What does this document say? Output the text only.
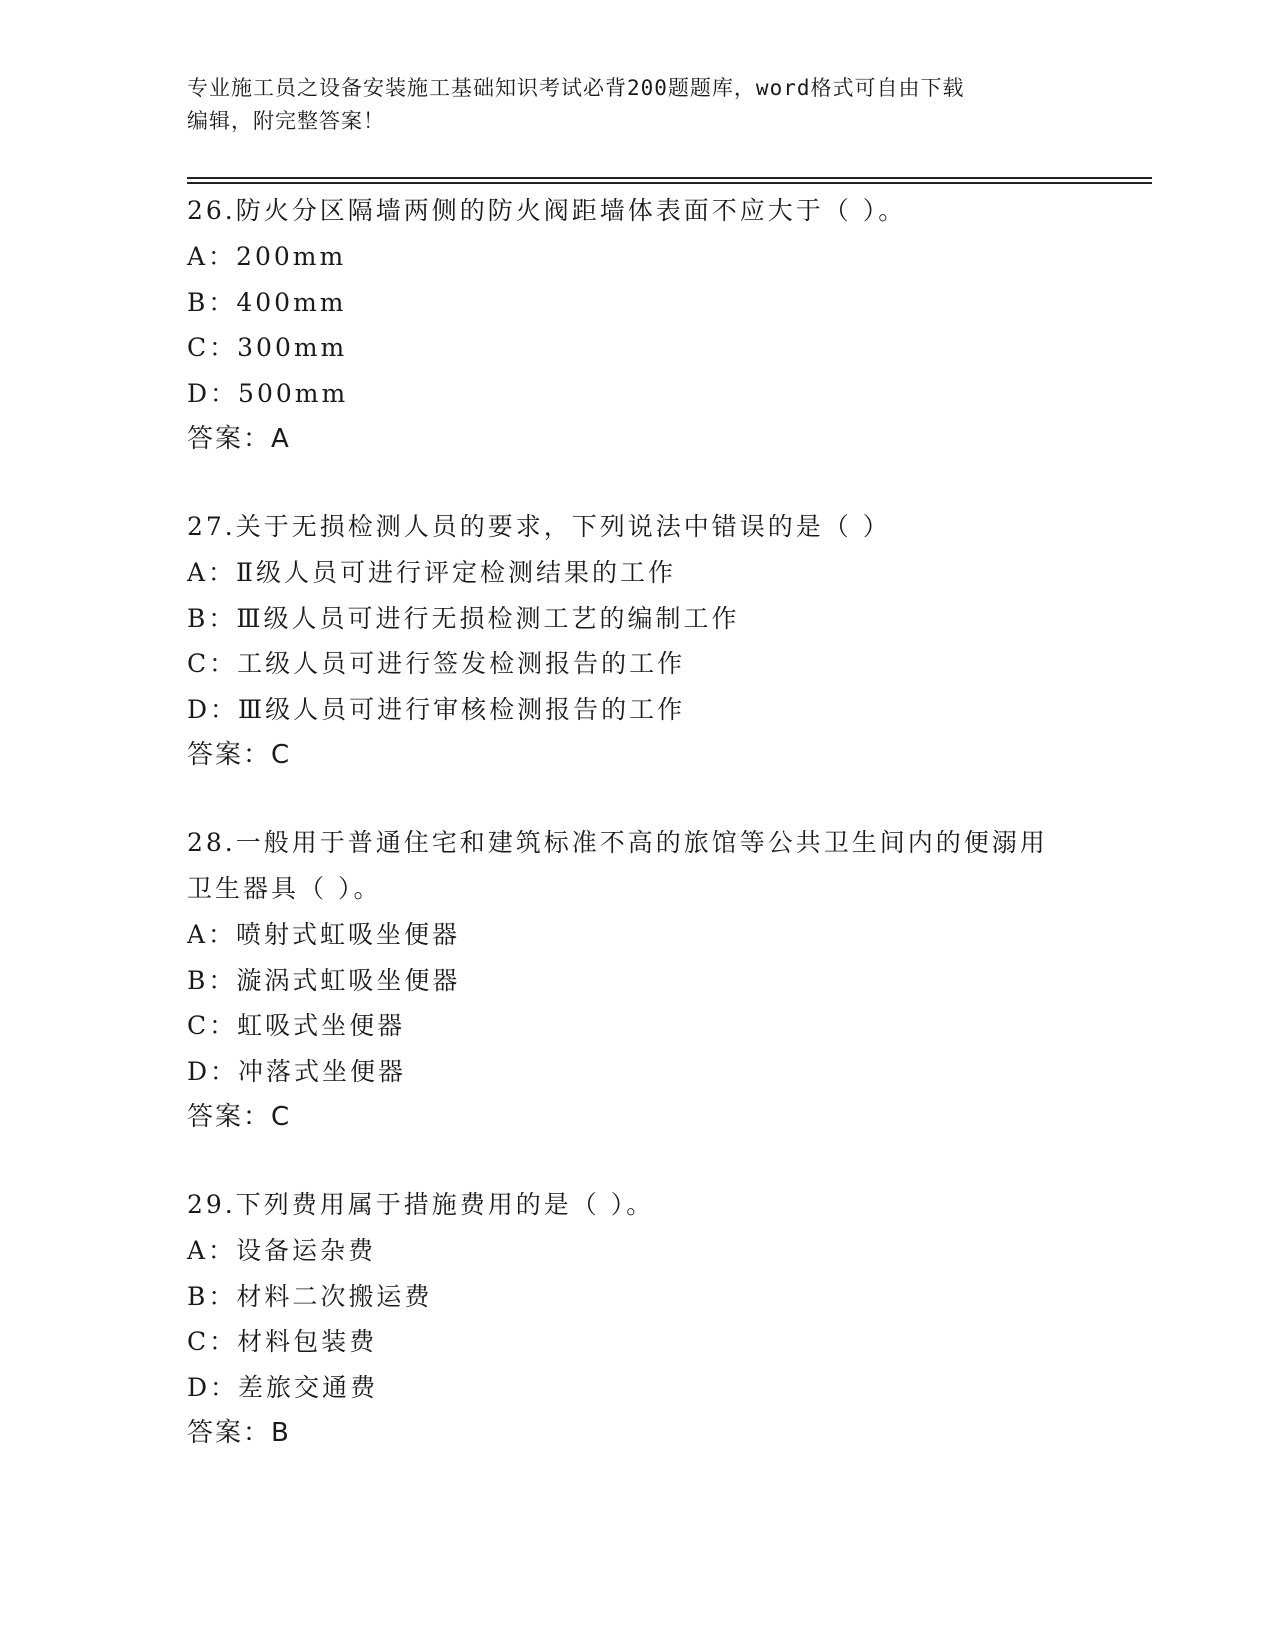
专业施工员之设备安装施工基础知识考试必背200题题库，word格式可自由下载
编辑，附完整答案！

26.防火分区隔墙两侧的防火阀距墙体表面不应大于（ ）。

A：200mm

B：400mm

C：300mm

D：500mm

答案：A

27.关于无损检测人员的要求，下列说法中错误的是（ ）

A：Ⅱ级人员可进行评定检测结果的工作

B：Ⅲ级人员可进行无损检测工艺的编制工作

C：工级人员可进行签发检测报告的工作

D：Ⅲ级人员可进行审核检测报告的工作

答案：C

28.一般用于普通住宅和建筑标准不高的旅馆等公共卫生间内的便溺用

卫生器具（ ）。

A：喷射式虹吸坐便器

B：漩涡式虹吸坐便器

C：虹吸式坐便器

D：冲落式坐便器

答案：C

29.下列费用属于措施费用的是（ ）。

A：设备运杂费

B：材料二次搬运费

C：材料包装费

D：差旅交通费

答案：B
